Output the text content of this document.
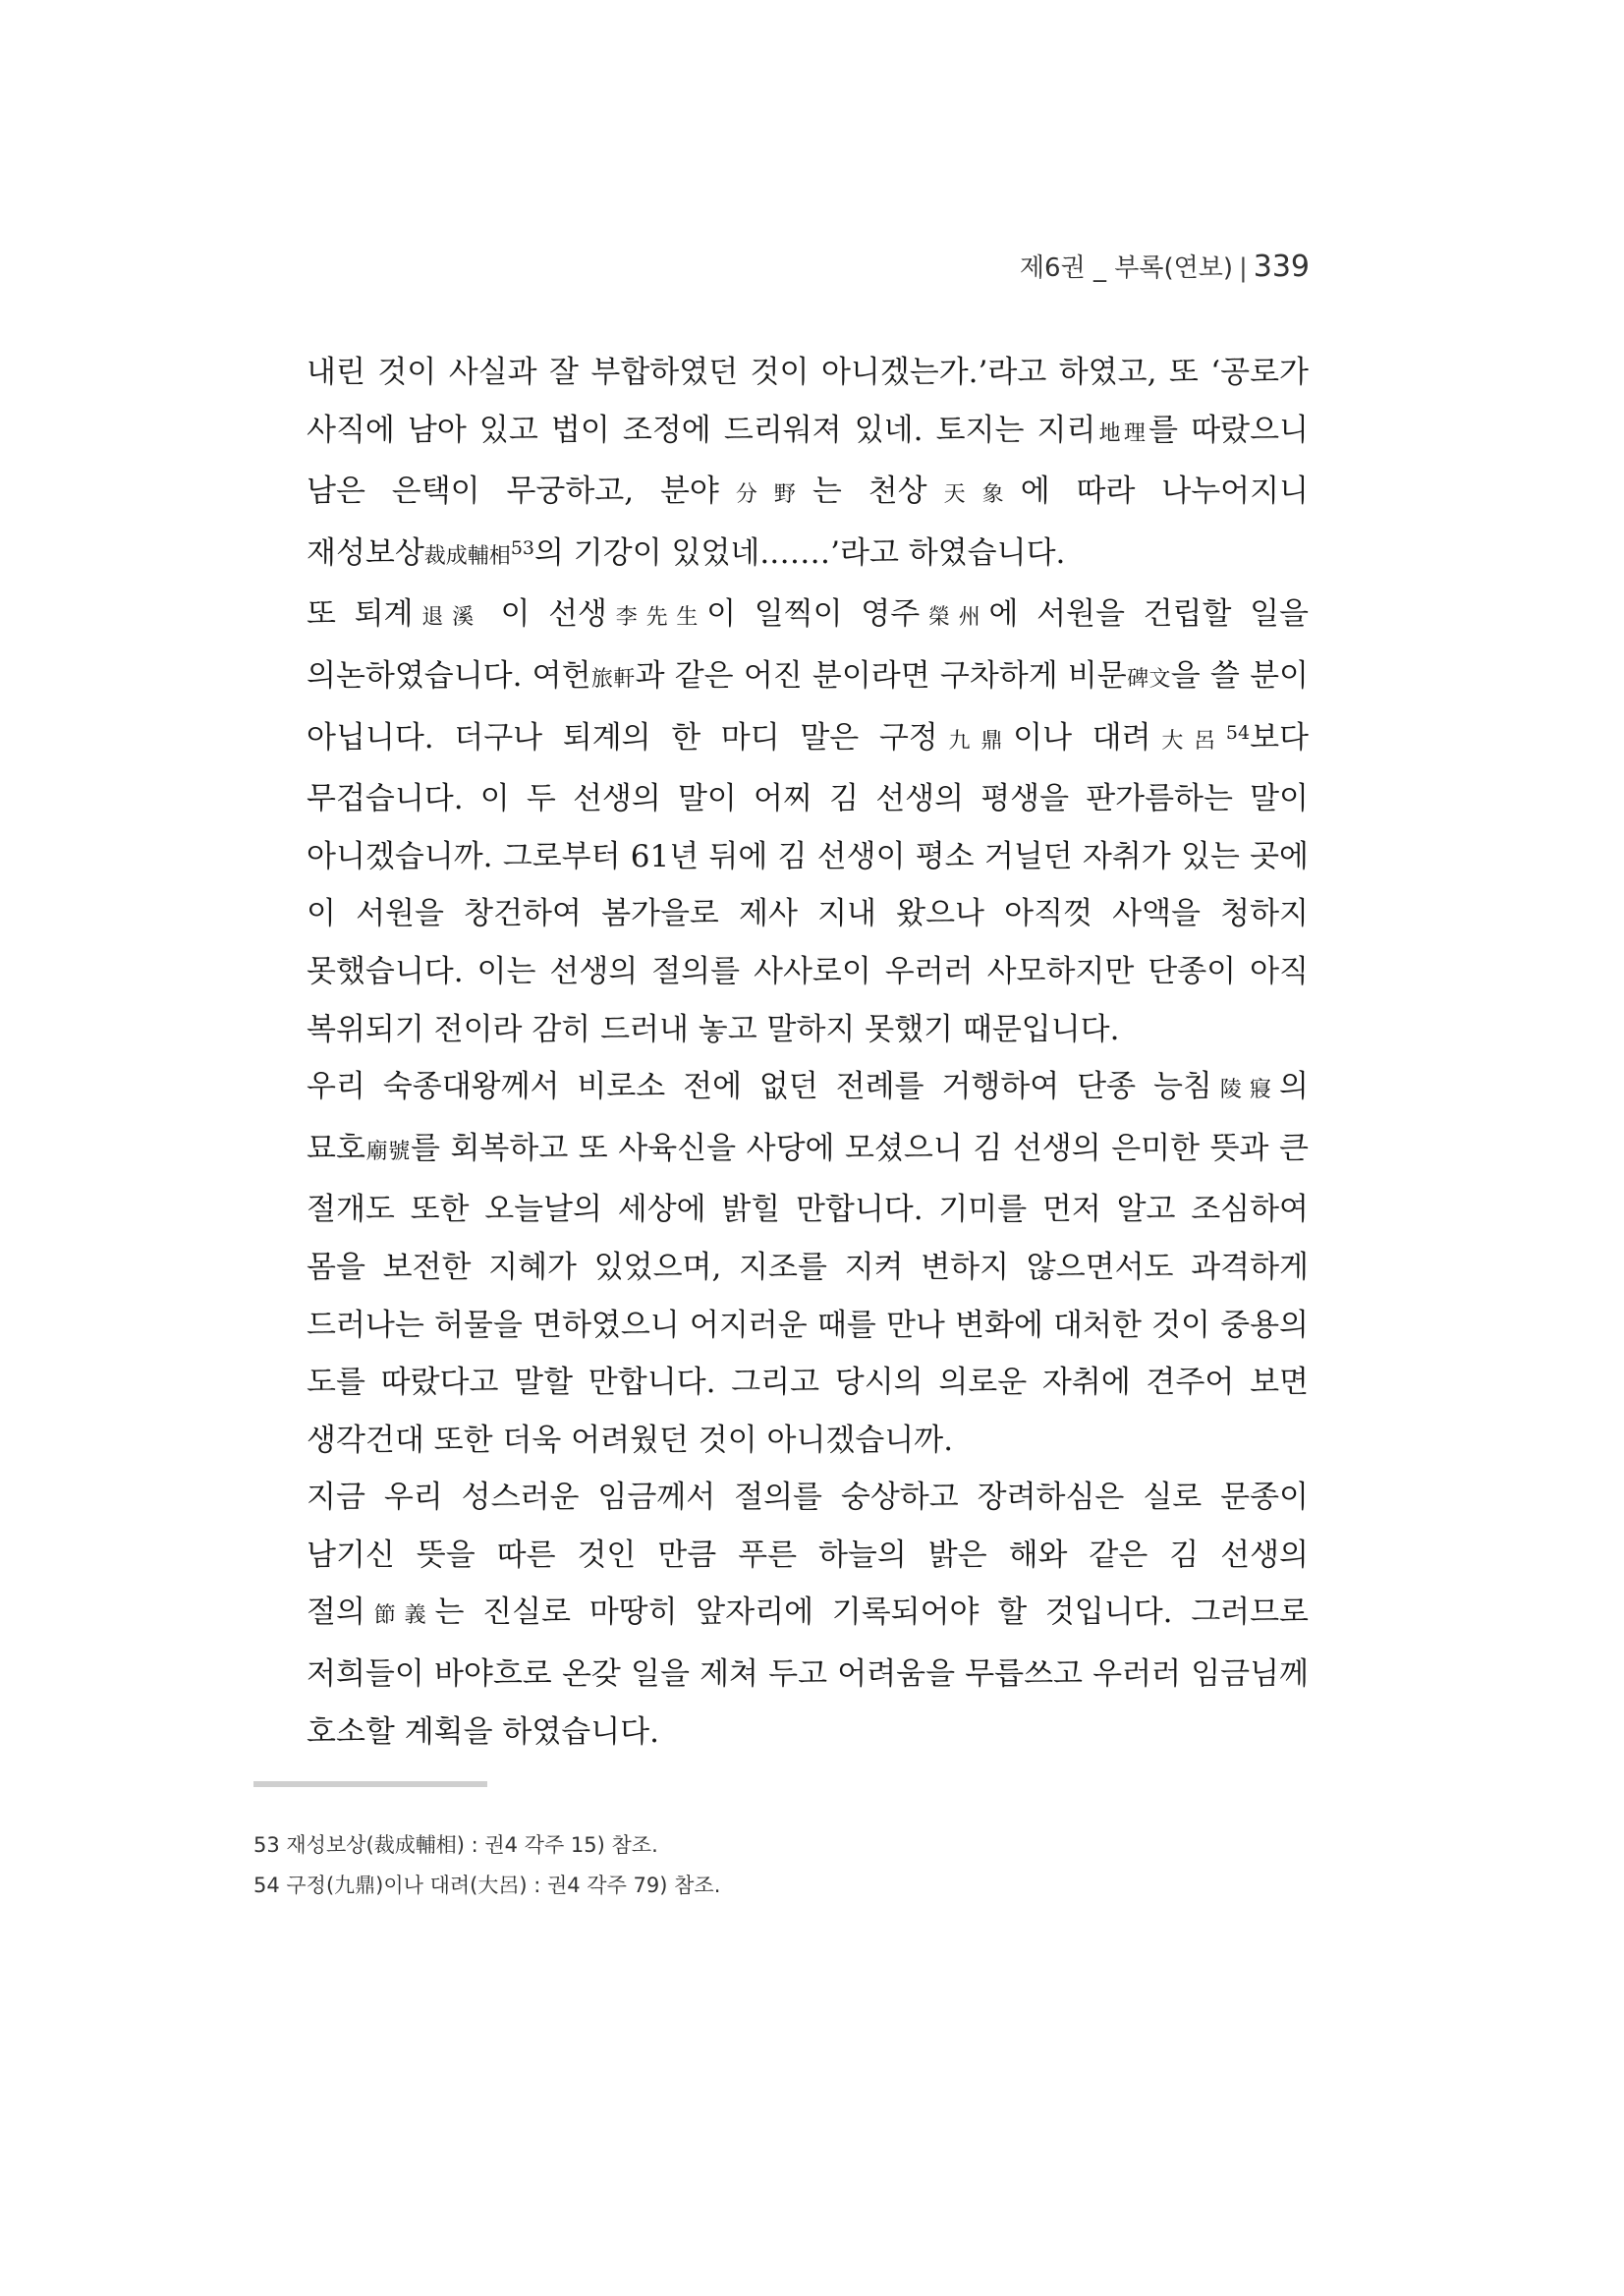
제6권 _ 부록(연보) | 339

내린 것이 사실과 잘 부합하였던 것이 아니겠는가.’라고 하였고, 또 ‘공로가 사직에 남아 있고 법이 조정에 드리워져 있네. 토지는 지리地理를 따랐으니 남은 은택이 무궁하고, 분야分野는 천상天象에 따라 나누어지니 재성보상裁成輔相$^{53}$의 기강이 있었네.……’라고 하였습니다.

또 퇴계退溪 이 선생李先生이 일찍이 영주榮州에 서원을 건립할 일을 의논하였습니다. 여헌旅軒과 같은 어진 분이라면 구차하게 비문碑文을 쓸 분이 아닙니다. 더구나 퇴계의 한 마디 말은 구정九鼎이나 대려大呂$^{54}$보다 무겁습니다. 이 두 선생의 말이 어찌 김 선생의 평생을 판가름하는 말이 아니겠습니까. 그로부터 61년 뒤에 김 선생이 평소 거닐던 자취가 있는 곳에 이 서원을 창건하여 봄가을로 제사 지내 왔으나 아직껏 사액을 청하지 못했습니다. 이는 선생의 절의를 사사로이 우러러 사모하지만 단종이 아직 복위되기 전이라 감히 드러내 놓고 말하지 못했기 때문입니다.

우리 숙종대왕께서 비로소 전에 없던 전례를 거행하여 단종 능침陵寢의 묘호廟號를 회복하고 또 사육신을 사당에 모셨으니 김 선생의 은미한 뜻과 큰 절개도 또한 오늘날의 세상에 밝힐 만합니다. 기미를 먼저 알고 조심하여 몸을 보전한 지혜가 있었으며, 지조를 지켜 변하지 않으면서도 과격하게 드러나는 허물을 면하였으니 어지러운 때를 만나 변화에 대처한 것이 중용의 도를 따랐다고 말할 만합니다. 그리고 당시의 의로운 자취에 견주어 보면 생각건대 또한 더욱 어려웠던 것이 아니겠습니까.

지금 우리 성스러운 임금께서 절의를 숭상하고 장려하심은 실로 문종이 남기신 뜻을 따른 것인 만큼 푸른 하늘의 밝은 해와 같은 김 선생의 절의節義는 진실로 마땅히 앞자리에 기록되어야 할 것입니다. 그러므로 저희들이 바야흐로 온갖 일을 제쳐 두고 어려움을 무릅쓰고 우러러 임금님께 호소할 계획을 하였습니다.

53 재성보상(裁成輔相) : 권4 각주 15) 참조.
54 구정(九鼎)이나 대려(大呂) : 권4 각주 79) 참조.
